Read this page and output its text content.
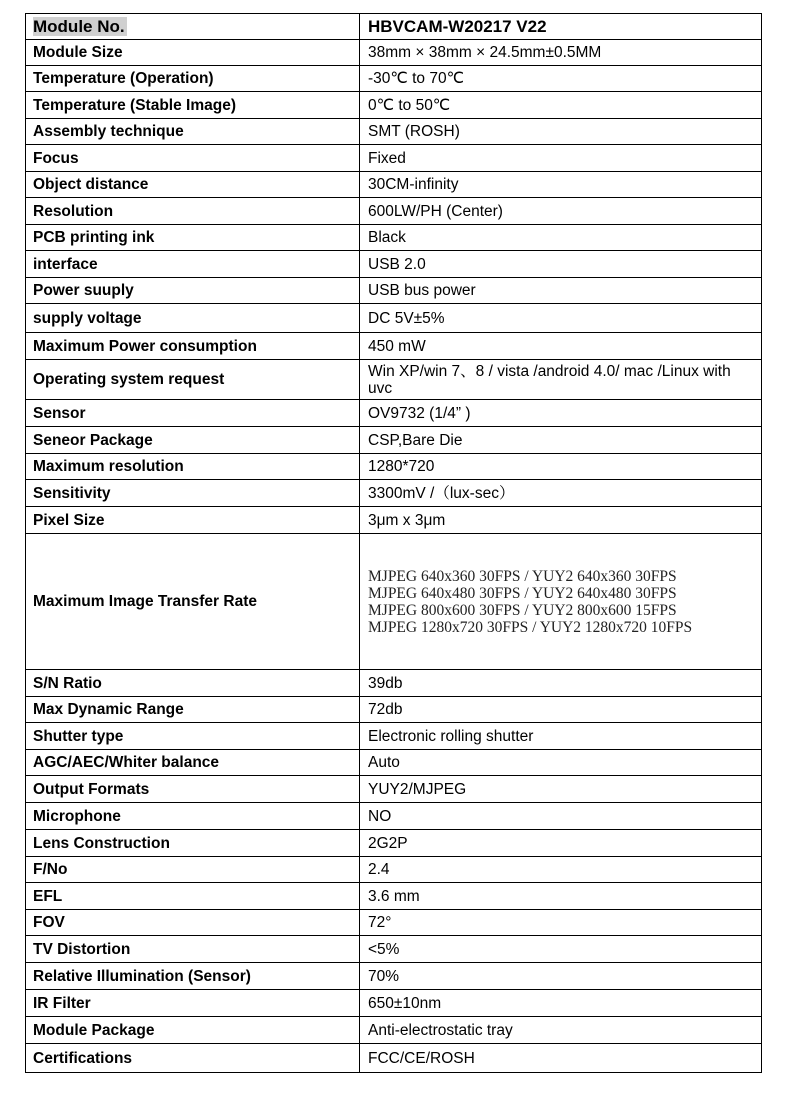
Module No.	HBVCAM-W20217 V22
Module Size	38mm × 38mm × 24.5mm±0.5MM
Temperature (Operation)	-30℃ to 70℃
Temperature (Stable Image)	0℃ to 50℃
Assembly technique	SMT (ROSH)
Focus	Fixed
Object distance	30CM-infinity
Resolution	600LW/PH (Center)
PCB printing ink	Black
interface	USB 2.0
Power suuply	USB bus power
supply voltage	DC 5V±5%
Maximum Power consumption	450 mW
Operating system request	Win XP/win 7、8 / vista /android 4.0/ mac /Linux with uvc
Sensor	OV9732 (1/4” )
Seneor Package	CSP,Bare Die
Maximum resolution	1280*720
Sensitivity	3300mV /（lux-sec）
Pixel Size	3μm x 3μm
Maximum Image Transfer Rate	MJPEG 640x360 30FPS / YUY2 640x360 30FPS
MJPEG 640x480 30FPS / YUY2 640x480 30FPS
MJPEG 800x600 30FPS / YUY2 800x600 15FPS
MJPEG 1280x720 30FPS / YUY2 1280x720 10FPS

S/N Ratio	39db
Max Dynamic Range	72db
Shutter type	Electronic rolling shutter
AGC/AEC/Whiter balance	Auto
Output Formats	YUY2/MJPEG
Microphone	NO
Lens Construction	2G2P
F/No	2.4
EFL	3.6 mm
FOV	72°
TV Distortion	<5%
Relative Illumination (Sensor)	70%
IR Filter	650±10nm
Module Package	Anti-electrostatic tray
Certifications	FCC/CE/ROSH
